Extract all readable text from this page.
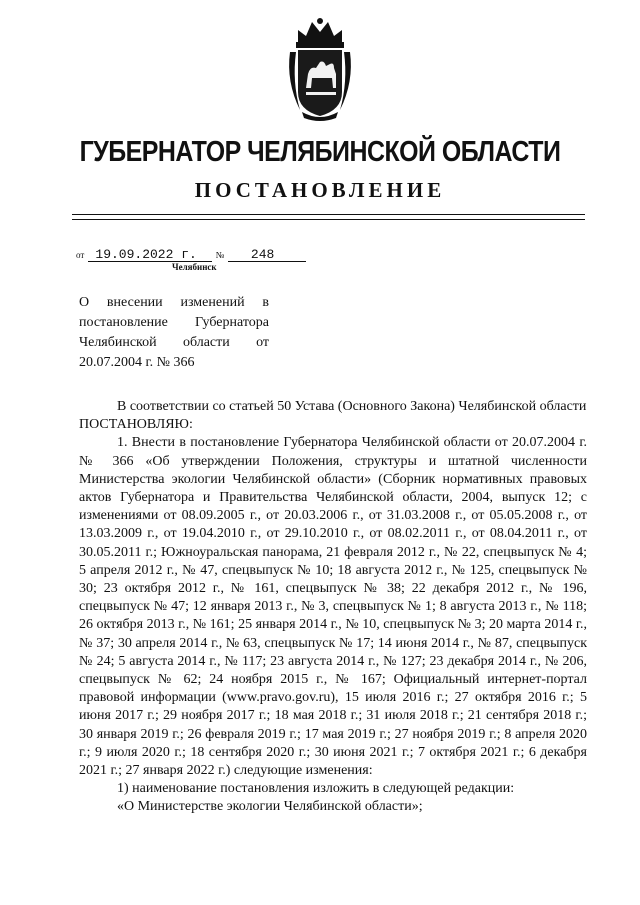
ГУБЕРНАТОР ЧЕЛЯБИНСКОЙ ОБЛАСТИ
ПОСТАНОВЛЕНИЕ
от 19.09.2022 г. № 248
Челябинск
О внесении изменений в постановление Губернатора Челябинской области от 20.07.2004 г. № 366

В соответствии со статьей 50 Устава (Основного Закона) Челябинской области

ПОСТАНОВЛЯЮ:

1. Внести в постановление Губернатора Челябинской области от 20.07.2004 г. № 366 «Об утверждении Положения, структуры и штатной численности Министерства экологии Челябинской области» (Сборник нормативных правовых актов Губернатора и Правительства Челябинской области, 2004, выпуск 12; с изменениями от 08.09.2005 г., от 20.03.2006 г., от 31.03.2008 г., от 05.05.2008 г., от 13.03.2009 г., от 19.04.2010 г., от 29.10.2010 г., от 08.02.2011 г., от 08.04.2011 г., от 30.05.2011 г.; Южноуральская панорама, 21 февраля 2012 г., № 22, спецвыпуск № 4; 5 апреля 2012 г., № 47, спецвыпуск № 10; 18 августа 2012 г., № 125, спецвыпуск № 30; 23 октября 2012 г., № 161, спецвыпуск № 38; 22 декабря 2012 г., № 196, спецвыпуск № 47; 12 января 2013 г., № 3, спецвыпуск № 1; 8 августа 2013 г., № 118; 26 октября 2013 г., № 161; 25 января 2014 г., № 10, спецвыпуск № 3; 20 марта 2014 г., № 37; 30 апреля 2014 г., № 63, спецвыпуск № 17; 14 июня 2014 г., № 87, спецвыпуск № 24; 5 августа 2014 г., № 117; 23 августа 2014 г., № 127; 23 декабря 2014 г., № 206, спецвыпуск № 62; 24 ноября 2015 г., № 167; Официальный интернет-портал правовой информации (www.pravo.gov.ru), 15 июля 2016 г.; 27 октября 2016 г.; 5 июня 2017 г.; 29 ноября 2017 г.; 18 мая 2018 г.; 31 июля 2018 г.; 21 сентября 2018 г.; 30 января 2019 г.; 26 февраля 2019 г.; 17 мая 2019 г.; 27 ноября 2019 г.; 8 апреля 2020 г.; 9 июля 2020 г.; 18 сентября 2020 г.; 30 июня 2021 г.; 7 октября 2021 г.; 6 декабря 2021 г.; 27 января 2022 г.) следующие изменения:

1) наименование постановления изложить в следующей редакции:

«О Министерстве экологии Челябинской области»;
